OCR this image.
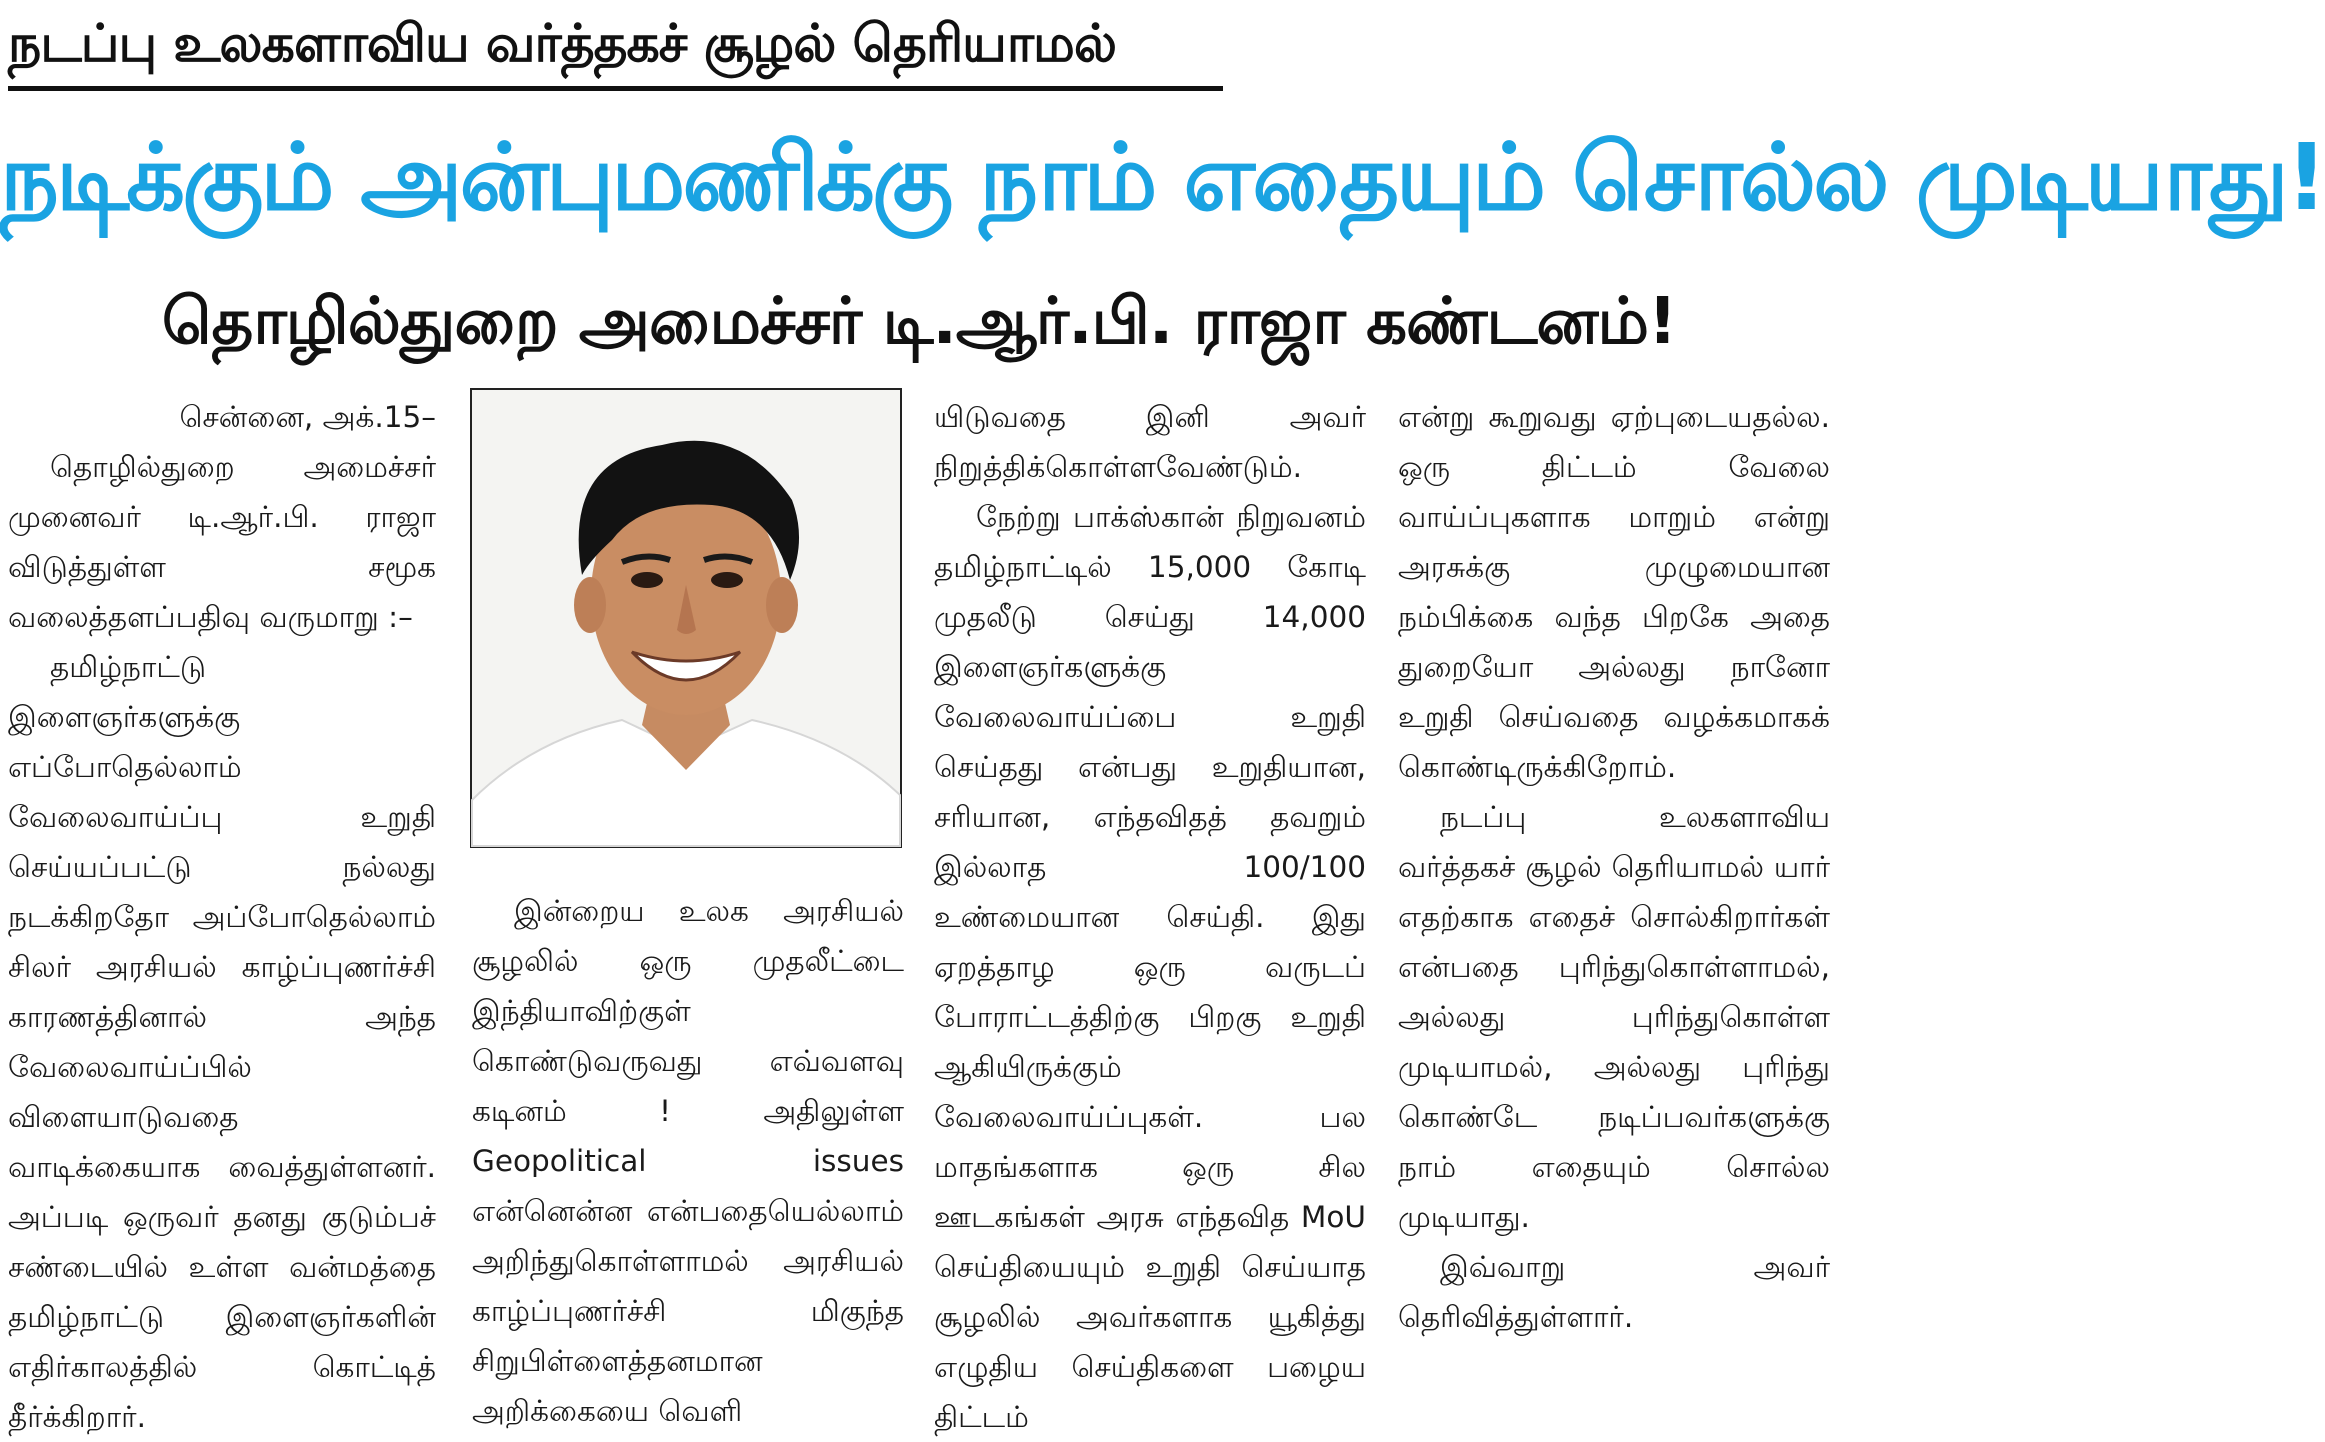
நடப்பு உலகளாவிய வர்த்தகச் சூழல் தெரியாமல்
நடிக்கும் அன்புமணிக்கு நாம் எதையும் சொல்ல முடியாது!
தொழில்துறை அமைச்சர் டி.ஆர்.பி. ராஜா கண்டனம்!

சென்னை, அக்.15–

தொழில்துறை அமைச்சர் முனைவர் டி.ஆர்.பி. ராஜா விடுத்துள்ள சமூக வலைத்தளப்பதிவு வருமாறு :–

தமிழ்நாட்டு இளைஞர்களுக்கு எப்போதெல்லாம் வேலைவாய்ப்பு உறுதி செய்யப்பட்டு நல்லது நடக்கிறதோ அப்போதெல்லாம் சிலர் அரசியல் காழ்ப்புணர்ச்சி காரணத்தினால் அந்த வேலைவாய்ப்பில் விளையாடுவதை வாடிக்கையாக வைத்துள்ளனர். அப்படி ஒருவர் தனது குடும்பச் சண்டையில் உள்ள வன்மத்தை தமிழ்நாட்டு இளைஞர்களின் எதிர்காலத்தில் கொட்டித் தீர்க்கிறார்.

இன்றைய உலக அரசியல் சூழலில் ஒரு முதலீட்டை இந்தியாவிற்குள் கொண்டுவருவது எவ்வளவு கடினம் ! அதிலுள்ள Geopolitical issues என்னென்ன என்பதையெல்லாம் அறிந்துகொள்ளாமல் அரசியல் காழ்ப்புணர்ச்சி மிகுந்த சிறுபிள்ளைத்தனமான அறிக்கையை வெளி

யிடுவதை இனி அவர் நிறுத்திக்கொள்ளவேண்டும்.

நேற்று பாக்ஸ்கான் நிறுவனம் தமிழ்நாட்டில் 15,000 கோடி முதலீடு செய்து 14,000 இளைஞர்களுக்கு வேலைவாய்ப்பை உறுதி செய்தது என்பது உறுதியான, சரியான, எந்தவிதத் தவறும் இல்லாத 100/100 உண்மையான செய்தி. இது ஏறத்தாழ ஒரு வருடப் போராட்டத்திற்கு பிறகு உறுதி ஆகியிருக்கும் வேலைவாய்ப்புகள். பல மாதங்களாக ஒரு சில ஊடகங்கள் அரசு எந்தவித MoU செய்தியையும் உறுதி செய்யாத சூழலில் அவர்களாக யூகித்து எழுதிய செய்திகளை பழைய திட்டம்

என்று கூறுவது ஏற்புடையதல்ல. ஒரு திட்டம் வேலை வாய்ப்புகளாக மாறும் என்று அரசுக்கு முழுமையான நம்பிக்கை வந்த பிறகே அதை துறையோ அல்லது நானோ உறுதி செய்வதை வழக்கமாகக் கொண்டிருக்கிறோம்.

நடப்பு உலகளாவிய வர்த்தகச் சூழல் தெரியாமல் யார் எதற்காக எதைச் சொல்கிறார்கள் என்பதை புரிந்துகொள்ளாமல், அல்லது புரிந்துகொள்ள முடியாமல், அல்லது புரிந்து கொண்டே நடிப்பவர்களுக்கு நாம் எதையும் சொல்ல முடியாது.

இவ்வாறு அவர் தெரிவித்துள்ளார்.
